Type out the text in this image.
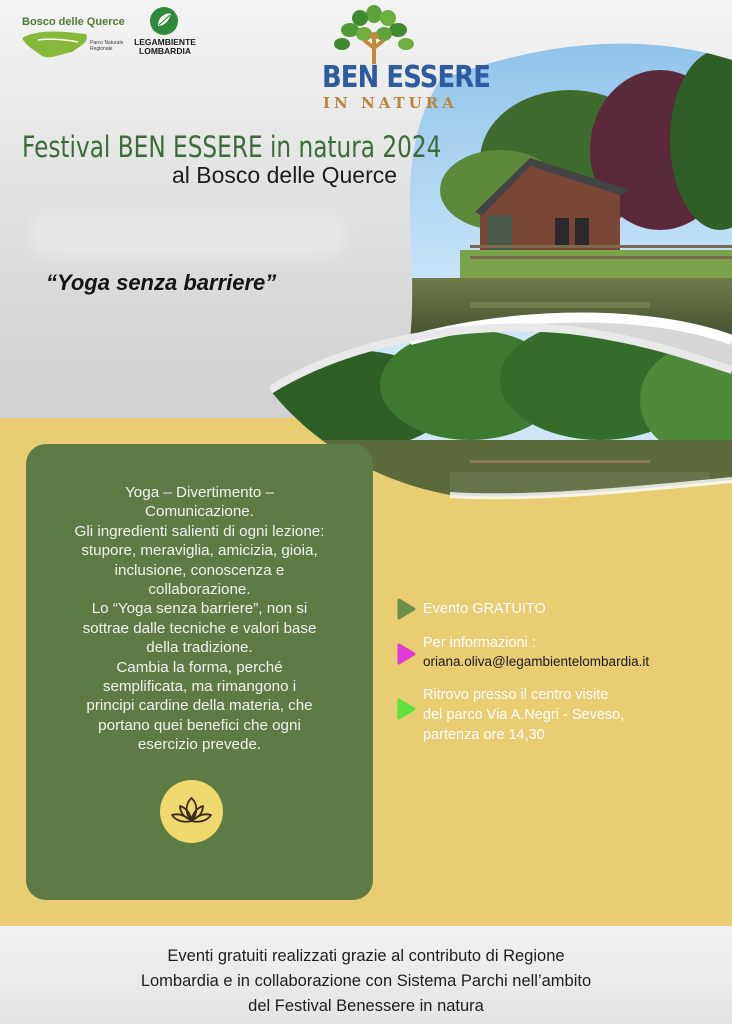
Bosco delle Querce
Parco Naturale Regionale
LEGAMBIENTE LOMBARDIA
BEN ESSERE
IN NATURA
Festival BEN ESSERE in natura 2024
al Bosco delle Querce
“Yoga senza barriere”
Yoga – Divertimento –
Comunicazione.
Gli ingredienti salienti di ogni lezione:
stupore, meraviglia, amicizia, gioia,
inclusione, conoscenza e
collaborazione.
Lo “Yoga senza barriere”, non si
sottrae dalle tecniche e valori base
della tradizione.
Cambia la forma, perché
semplificata, ma rimangono i
principi cardine della materia, che
portano quei benefici che ogni
esercizio prevede.
Evento GRATUITO
Per informazioni :
oriana.oliva@legambientelombardia.it
Ritrovo presso il centro visite
del parco Via A.Negri - Seveso,
partenza ore 14,30
Eventi gratuiti realizzati grazie al contributo di Regione
Lombardia e in collaborazione con Sistema Parchi nell’ambito
del Festival Benessere in natura
